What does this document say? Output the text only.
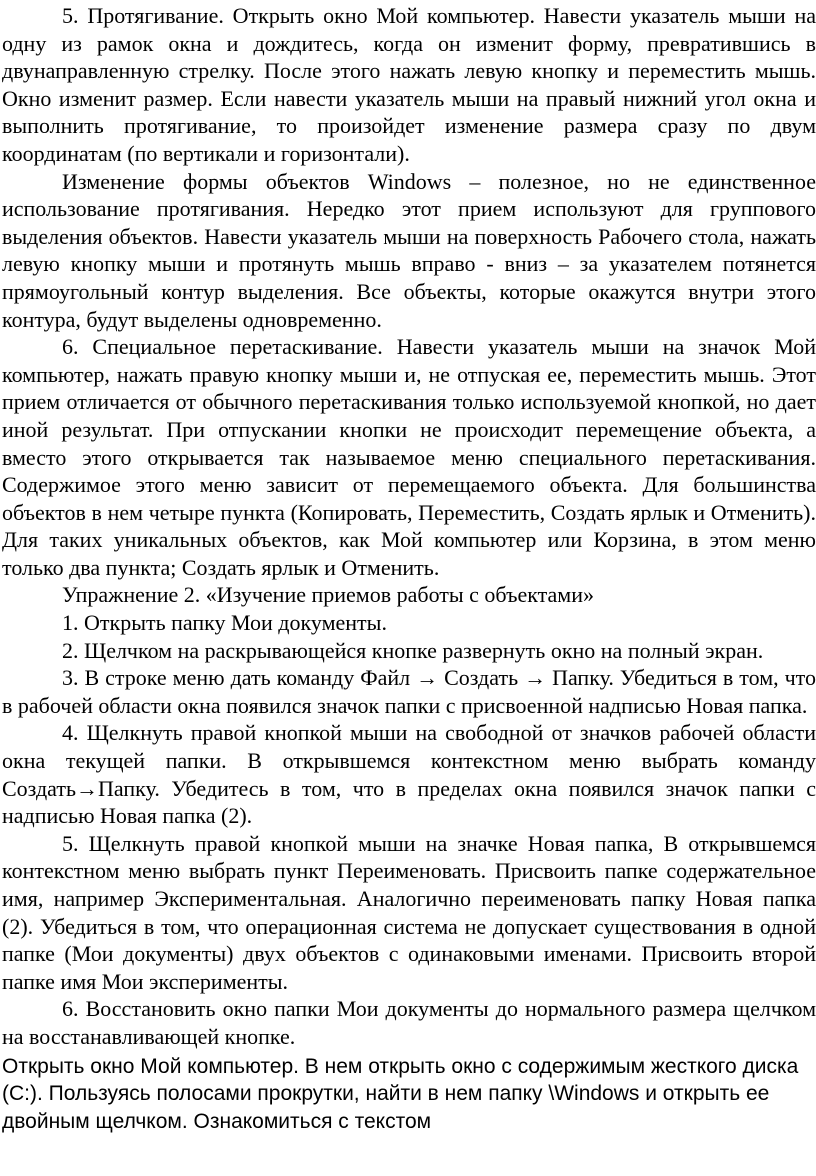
5. Протягивание. Открыть окно Мой компьютер. Навести указатель мыши на одну из рамок окна и дождитесь, когда он изменит форму, превратившись в двунаправленную стрелку. После этого нажать левую кнопку и переместить мышь. Окно изменит размер. Если навести указатель мыши на правый нижний угол окна и выполнить протягивание, то произойдет изменение размера сразу по двум координатам (по вертикали и горизонтали).

Изменение формы объектов Windows – полезное, но не единственное использование протягивания. Нередко этот прием используют для группового выделения объектов. Навести указатель мыши на поверхность Рабочего стола, нажать левую кнопку мыши и протянуть мышь вправо - вниз – за указателем потянется прямоугольный контур выделения. Все объекты, которые окажутся внутри этого контура, будут выделены одновременно.

6. Специальное перетаскивание. Навести указатель мыши на значок Мой компьютер, нажать правую кнопку мыши и, не отпуская ее, переместить мышь. Этот прием отличается от обычного перетаскивания только используемой кнопкой, но дает иной результат. При отпускании кнопки не происходит перемещение объекта, а вместо этого открывается так называемое меню специального перетаскивания. Содержимое этого меню зависит от перемещаемого объекта. Для большинства объектов в нем четыре пункта (Копировать, Переместить, Создать ярлык и Отменить). Для таких уникальных объектов, как Мой компьютер или Корзина, в этом меню только два пункта; Создать ярлык и Отменить.

Упражнение 2. «Изучение приемов работы с объектами»

1. Открыть папку Мои документы.

2. Щелчком на раскрывающейся кнопке развернуть окно на полный экран.

3. В строке меню дать команду Файл → Создать → Папку. Убедиться в том, что в рабочей области окна появился значок папки с присвоенной надписью Новая папка.

4. Щелкнуть правой кнопкой мыши на свободной от значков рабочей области окна текущей папки. В открывшемся контекстном меню выбрать команду Создать→Папку. Убедитесь в том, что в пределах окна появился значок папки с надписью Новая папка (2).

5. Щелкнуть правой кнопкой мыши на значке Новая папка, В открывшемся контекстном меню выбрать пункт Переименовать. Присвоить папке содержательное имя, например Экспериментальная. Аналогично переименовать папку Новая папка (2). Убедиться в том, что операционная система не допускает существования в одной папке (Мои документы) двух объектов с одинаковыми именами. Присвоить второй папке имя Мои эксперименты.

6. Восстановить окно папки Мои документы до нормального размера щелчком на восстанавливающей кнопке.

Открыть окно Мой компьютер. В нем открыть окно с содержимым жесткого диска (С:). Пользуясь полосами прокрутки, найти в нем папку \Windows и открыть ее двойным щелчком. Ознакомиться с текстом
